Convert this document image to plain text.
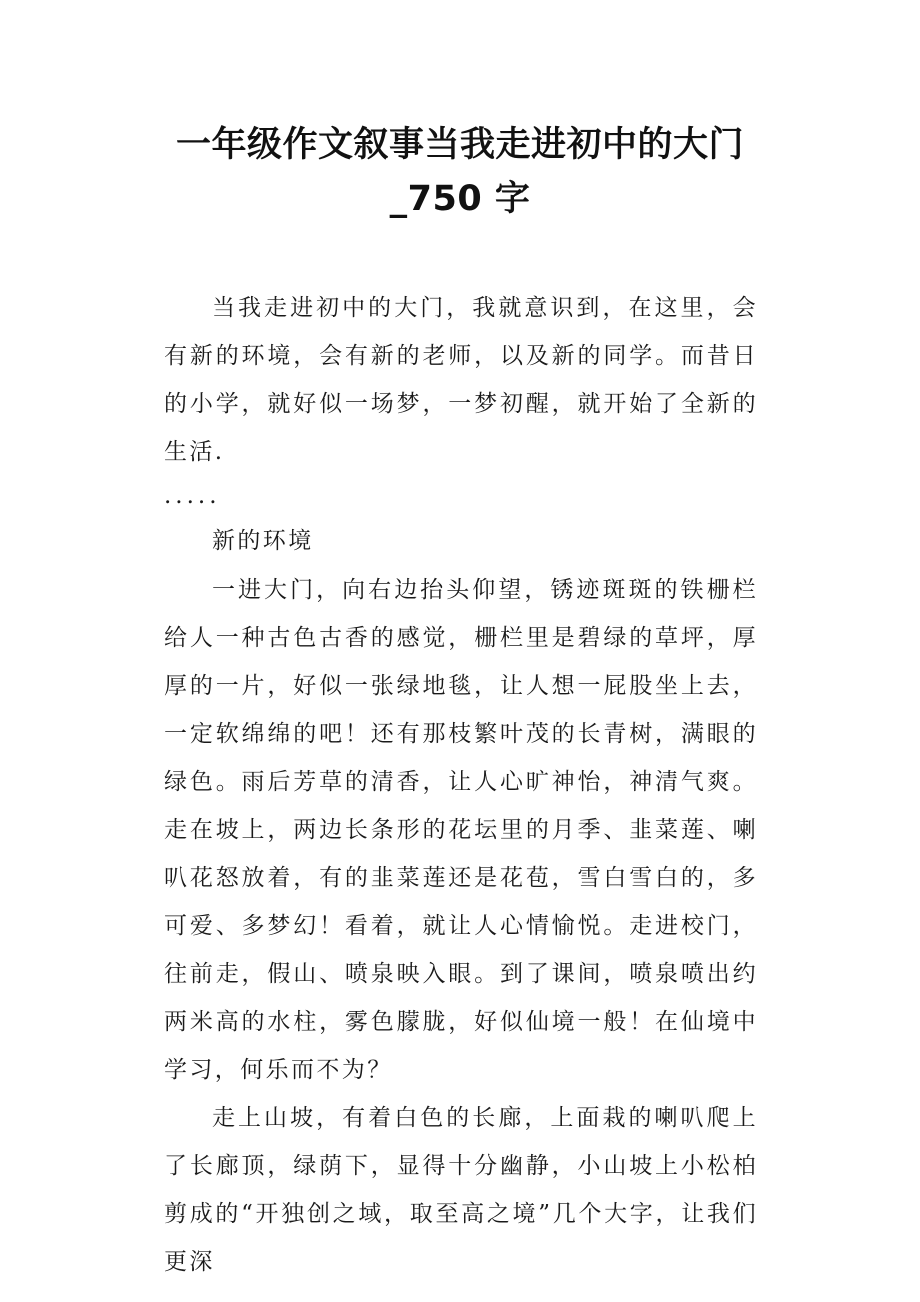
一年级作文叙事当我走进初中的大门
_750 字

当我走进初中的大门，我就意识到，在这里，会有新的环境，会有新的老师，以及新的同学。而昔日的小学，就好似一场梦，一梦初醒，就开始了全新的生活.

.....

新的环境

一进大门，向右边抬头仰望，锈迹斑斑的铁栅栏给人一种古色古香的感觉，栅栏里是碧绿的草坪，厚厚的一片，好似一张绿地毯，让人想一屁股坐上去，一定软绵绵的吧！还有那枝繁叶茂的长青树，满眼的绿色。雨后芳草的清香，让人心旷神怡，神清气爽。走在坡上，两边长条形的花坛里的月季、韭菜莲、喇叭花怒放着，有的韭菜莲还是花苞，雪白雪白的，多可爱、多梦幻！看着，就让人心情愉悦。走进校门，往前走，假山、喷泉映入眼。到了课间，喷泉喷出约两米高的水柱，雾色朦胧，好似仙境一般！在仙境中学习，何乐而不为？

走上山坡，有着白色的长廊，上面栽的喇叭爬上了长廊顶，绿荫下，显得十分幽静，小山坡上小松柏剪成的“开独创之域，取至高之境”几个大字，让我们更深
